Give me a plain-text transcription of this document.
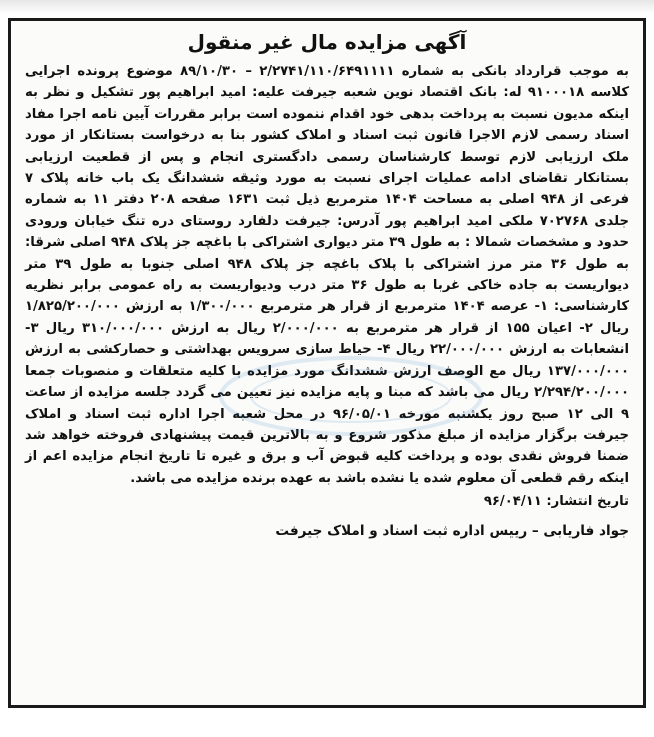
آگهی مزایده مال غیر منقول

به موجب قرارداد بانکی به شماره ۲/۲۷۴۱/۱۱۰/۶۴۹۱۱۱۱ – ۸۹/۱۰/۳۰ موضوع پرونده اجرایی کلاسه ۹۱۰۰۰۱۸ له: بانک اقتصاد نوین شعبه جیرفت علیه: امید ابراهیم پور تشکیل و نظر به اینکه مدیون نسبت به پرداخت بدهی خود اقدام ننموده است برابر مقررات آیین نامه اجرا مفاد اسناد رسمی لازم الاجرا قانون ثبت اسناد و املاک کشور بنا به درخواست بستانکار از مورد ملک ارزیابی لازم توسط کارشناسان رسمی دادگستری انجام و پس از قطعیت ارزیابی بستانکار تقاضای ادامه عملیات اجرای نسبت به مورد وثیقه ششدانگ یک باب خانه پلاک ۷ فرعی از ۹۴۸ اصلی به مساحت ۱۴۰۴ مترمربع ذیل ثبت ۱۶۳۱ صفحه ۲۰۸ دفتر ۱۱ به شماره جلدی ۷۰۲۷۶۸ ملکی امید ابراهیم پور آدرس: جیرفت دلفارد روستای دره تنگ خیابان ورودی حدود و مشخصات شمالا : به طول ۳۹ متر دیواری اشتراکی با باغچه جز پلاک ۹۴۸ اصلی شرقا: به طول ۳۶ متر مرز اشتراکی با پلاک باغچه جز پلاک ۹۴۸ اصلی جنوبا به طول ۳۹ متر دیواریست به جاده خاکی غربا به طول ۳۶ متر درب ودیواریست به راه عمومی برابر نظریه کارشناسی: ۱- عرصه ۱۴۰۴ مترمربع از قرار هر مترمربع ۱/۳۰۰/۰۰۰ به ارزش ۱/۸۲۵/۲۰۰/۰۰۰ ریال ۲- اعیان ۱۵۵ از قرار هر مترمربع به ۲/۰۰۰/۰۰۰ ریال به ارزش ۳۱۰/۰۰۰/۰۰۰ ریال ۳- انشعابات به ارزش ۲۲/۰۰۰/۰۰۰ ریال ۴- حیاط سازی سرویس بهداشتی و حصارکشی به ارزش ۱۳۷/۰۰۰/۰۰۰ ریال مع الوصف ارزش ششدانگ مورد مزایده با کلیه متعلقات و منصوبات جمعا ۲/۲۹۴/۲۰۰/۰۰۰ ریال می باشد که مبنا و پایه مزایده نیز تعیین می گردد جلسه مزایده از ساعت ۹ الی ۱۲ صبح روز یکشنبه مورخه ۹۶/۰۵/۰۱ در محل شعبه اجرا اداره ثبت اسناد و املاک جیرفت برگزار مزایده از مبلغ مذکور شروع و به بالاترین قیمت پیشنهادی فروخته خواهد شد ضمنا فروش نقدی بوده و پرداخت کلیه قبوض آب و برق و غیره تا تاریخ انجام مزایده اعم از اینکه رقم قطعی آن معلوم شده یا نشده باشد به عهده برنده مزایده می باشد.

تاریخ انتشار: ۹۶/۰۴/۱۱
جواد فاریابی – رییس اداره ثبت اسناد و املاک جیرفت
